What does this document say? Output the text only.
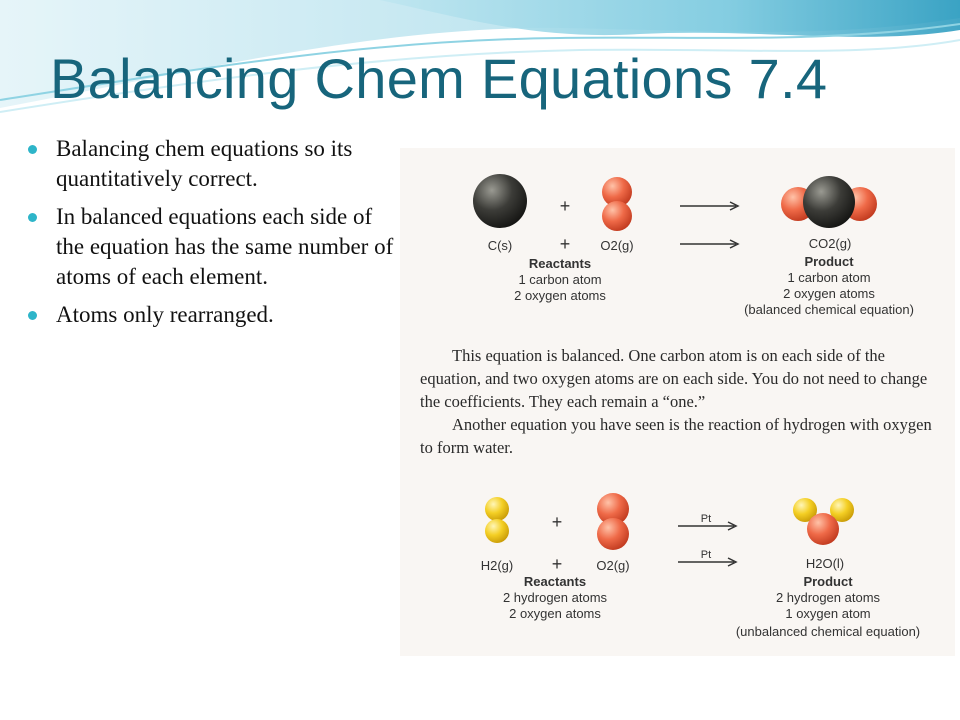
Balancing Chem Equations 7.4
Balancing chem equations so its quantitatively correct.
In balanced equations each side of the equation has the same number of atoms of each element.
Atoms only rearranged.
+
C(s)	+ O2(g)	CO2(g)
Reactants
1 carbon atom
2 oxygen atoms
Product
1 carbon atom
2 oxygen atoms
(balanced chemical equation)
+	Pt
H2(g) +	O2(g)
Pt
H2O(l)
Reactants
2 hydrogen atoms
2 oxygen atoms
Product
2 hydrogen atoms
1 oxygen atom
(unbalanced chemical equation)

This equation is balanced. One carbon atom is on each side of the equation, and two oxygen atoms are on each side. You do not need to change the coefficients. They each remain a “one.”

Another equation you have seen is the reaction of hydrogen with oxygen to form water.
